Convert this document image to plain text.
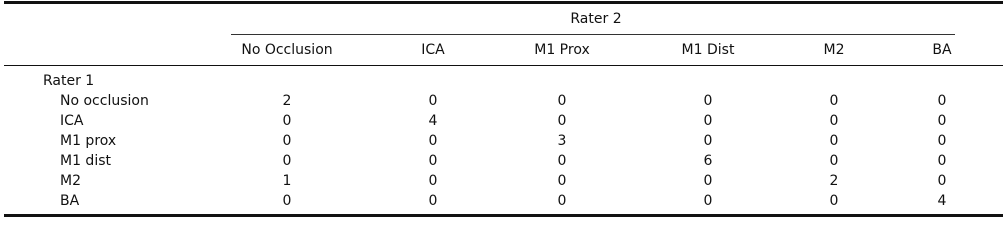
Rater 2
No Occlusion	ICA	M1 Prox	M1 Dist	M2	BA
Rater 1
No occlusion	2	0	0	0	0	0
ICA	0	4	0	0	0	0
M1 prox	0	0	3	0	0	0
M1 dist	0	0	0	6	0	0
M2	1	0	0	0	2	0
BA	0	0	0	0	0	4
